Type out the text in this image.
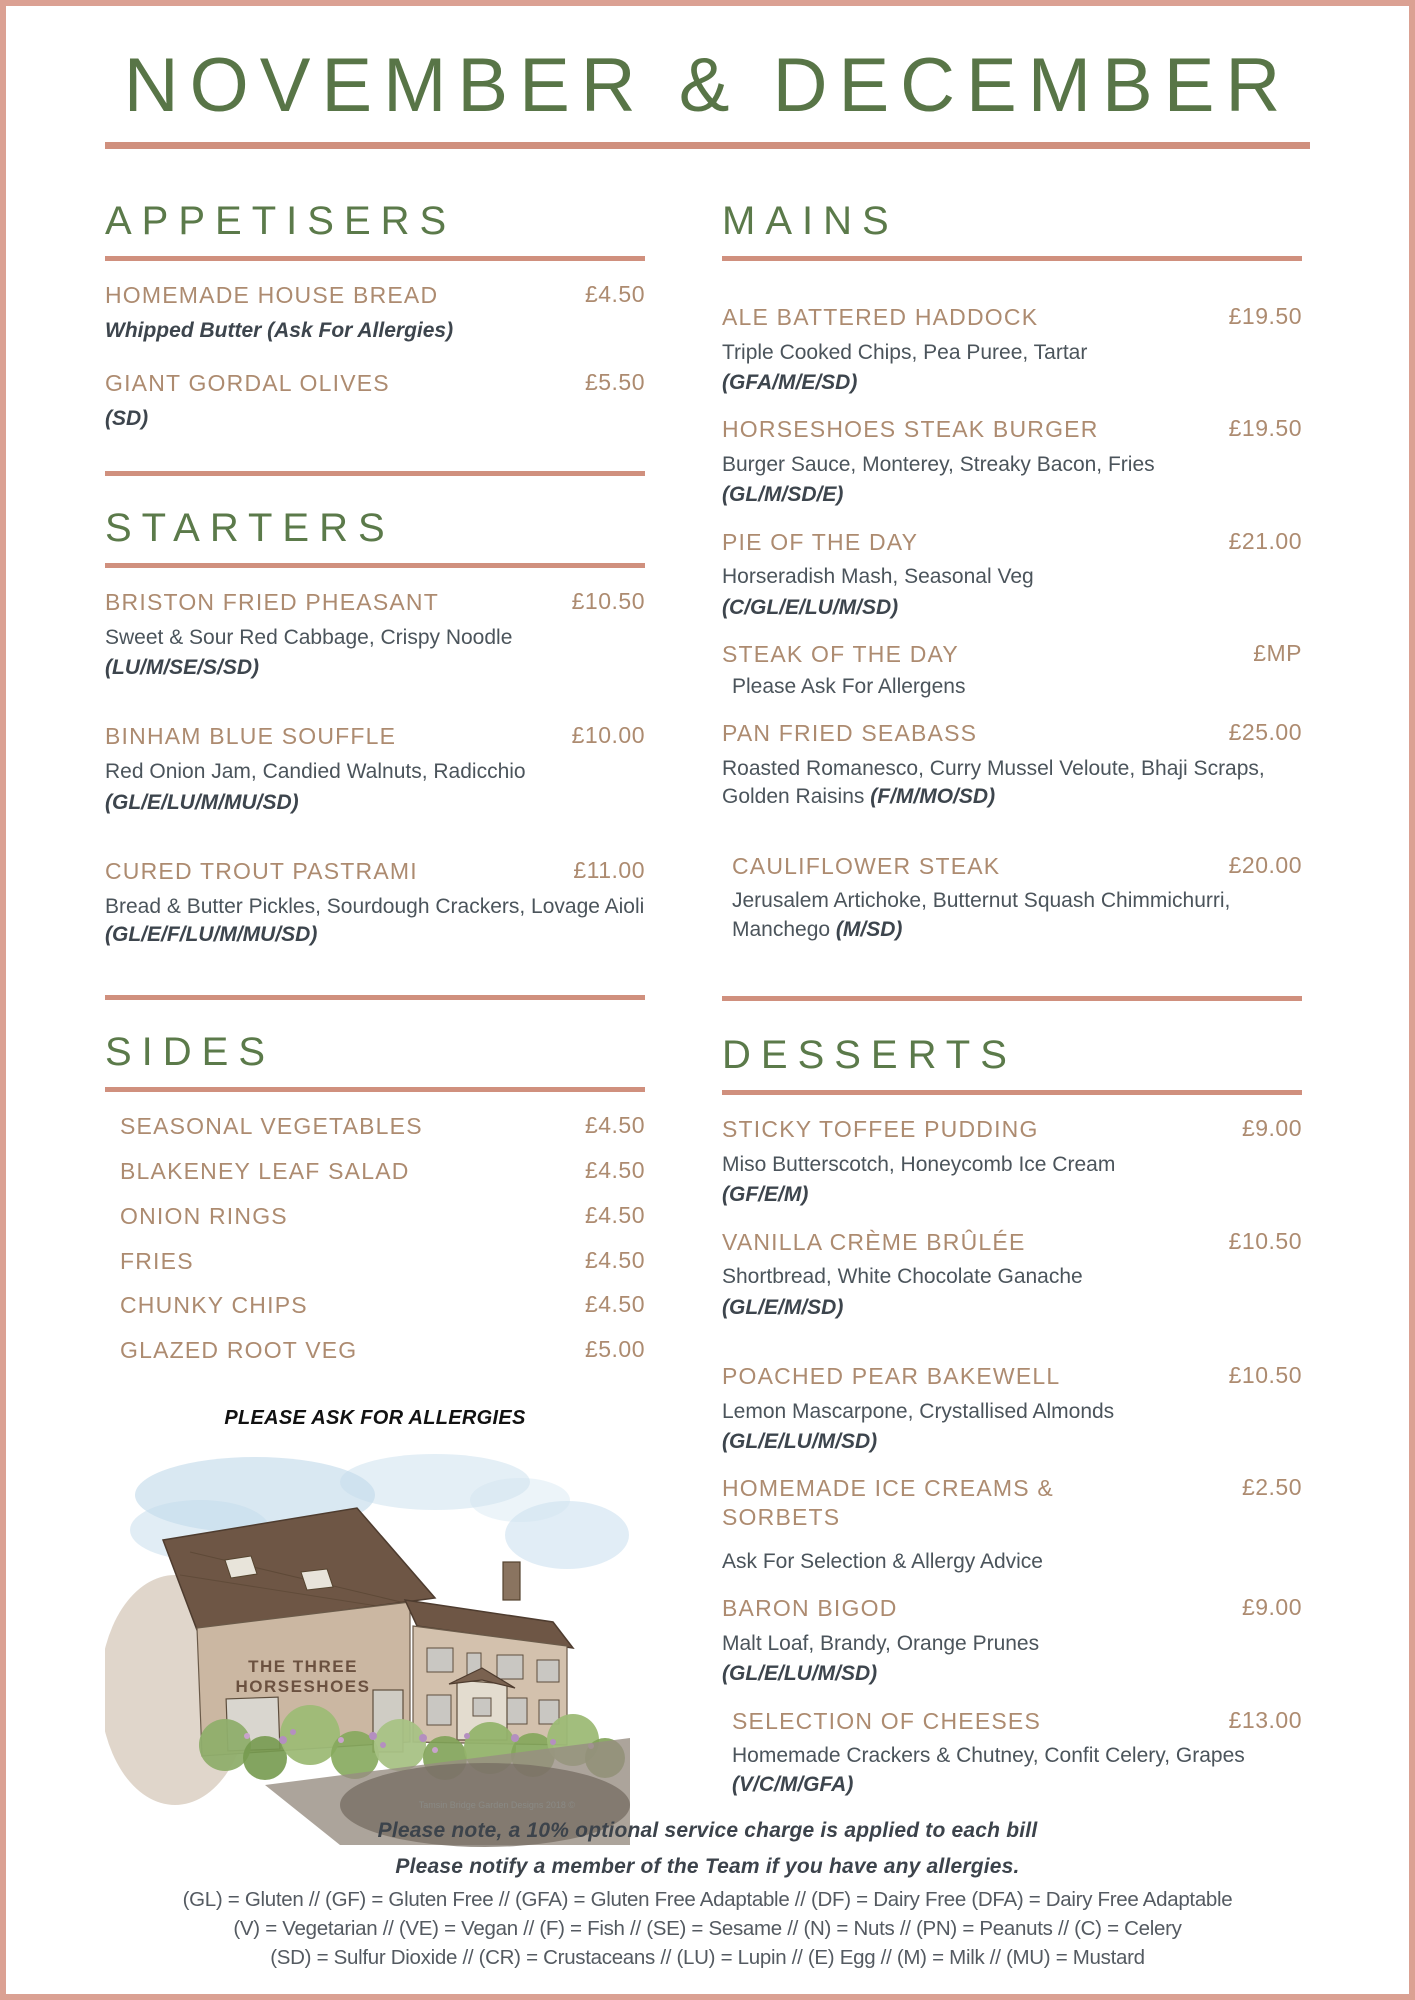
NOVEMBER & DECEMBER
APPETISERS
HOMEMADE HOUSE BREAD	£4.50
Whipped Butter (Ask For Allergies)
GIANT GORDAL OLIVES	£5.50
(SD)
STARTERS
BRISTON FRIED PHEASANT	£10.50
Sweet & Sour Red Cabbage, Crispy Noodle
(LU/M/SE/S/SD)
BINHAM BLUE SOUFFLE	£10.00
Red Onion Jam, Candied Walnuts, Radicchio
(GL/E/LU/M/MU/SD)
CURED TROUT PASTRAMI	£11.00
Bread & Butter Pickles, Sourdough Crackers, Lovage Aioli (GL/E/F/LU/M/MU/SD)
SIDES
SEASONAL VEGETABLES	£4.50
BLAKENEY LEAF SALAD	£4.50
ONION RINGS	£4.50
FRIES	£4.50
CHUNKY CHIPS	£4.50
GLAZED ROOT VEG	£5.00
PLEASE ASK FOR ALLERGIES
THE THREE
HORSESHOES
Tamsin Bridge Garden Designs 2018 ©
MAINS
ALE BATTERED HADDOCK	£19.50
Triple Cooked Chips, Pea Puree, Tartar
(GFA/M/E/SD)
HORSESHOES STEAK BURGER	£19.50
Burger Sauce, Monterey, Streaky Bacon, Fries
(GL/M/SD/E)
PIE OF THE DAY	£21.00
Horseradish Mash, Seasonal Veg
(C/GL/E/LU/M/SD)
STEAK OF THE DAY	£MP
Please Ask For Allergens
PAN FRIED SEABASS	£25.00
Roasted Romanesco, Curry Mussel Veloute, Bhaji Scraps, Golden Raisins (F/M/MO/SD)
CAULIFLOWER STEAK	£20.00
Jerusalem Artichoke, Butternut Squash Chimmichurri, Manchego (M/SD)
DESSERTS
STICKY TOFFEE PUDDING	£9.00
Miso Butterscotch, Honeycomb Ice Cream
(GF/E/M)
VANILLA CRÈME BRÛLÉE	£10.50
Shortbread, White Chocolate Ganache
(GL/E/M/SD)
POACHED PEAR BAKEWELL	£10.50
Lemon Mascarpone, Crystallised Almonds
(GL/E/LU/M/SD)
HOMEMADE ICE CREAMS & SORBETS
£2.50
Ask For Selection & Allergy Advice
BARON BIGOD	£9.00
Malt Loaf, Brandy, Orange Prunes
(GL/E/LU/M/SD)
SELECTION OF CHEESES	£13.00
Homemade Crackers & Chutney, Confit Celery, Grapes (V/C/M/GFA)
Please note, a 10% optional service charge is applied to each bill
Please notify a member of the Team if you have any allergies.
(GL) = Gluten // (GF) = Gluten Free // (GFA) = Gluten Free Adaptable // (DF) = Dairy Free (DFA) = Dairy Free Adaptable
(V) = Vegetarian // (VE) = Vegan // (F) = Fish // (SE) = Sesame // (N) = Nuts // (PN) = Peanuts // (C) = Celery
(SD) = Sulfur Dioxide // (CR) = Crustaceans // (LU) = Lupin // (E) Egg // (M) = Milk // (MU) = Mustard
